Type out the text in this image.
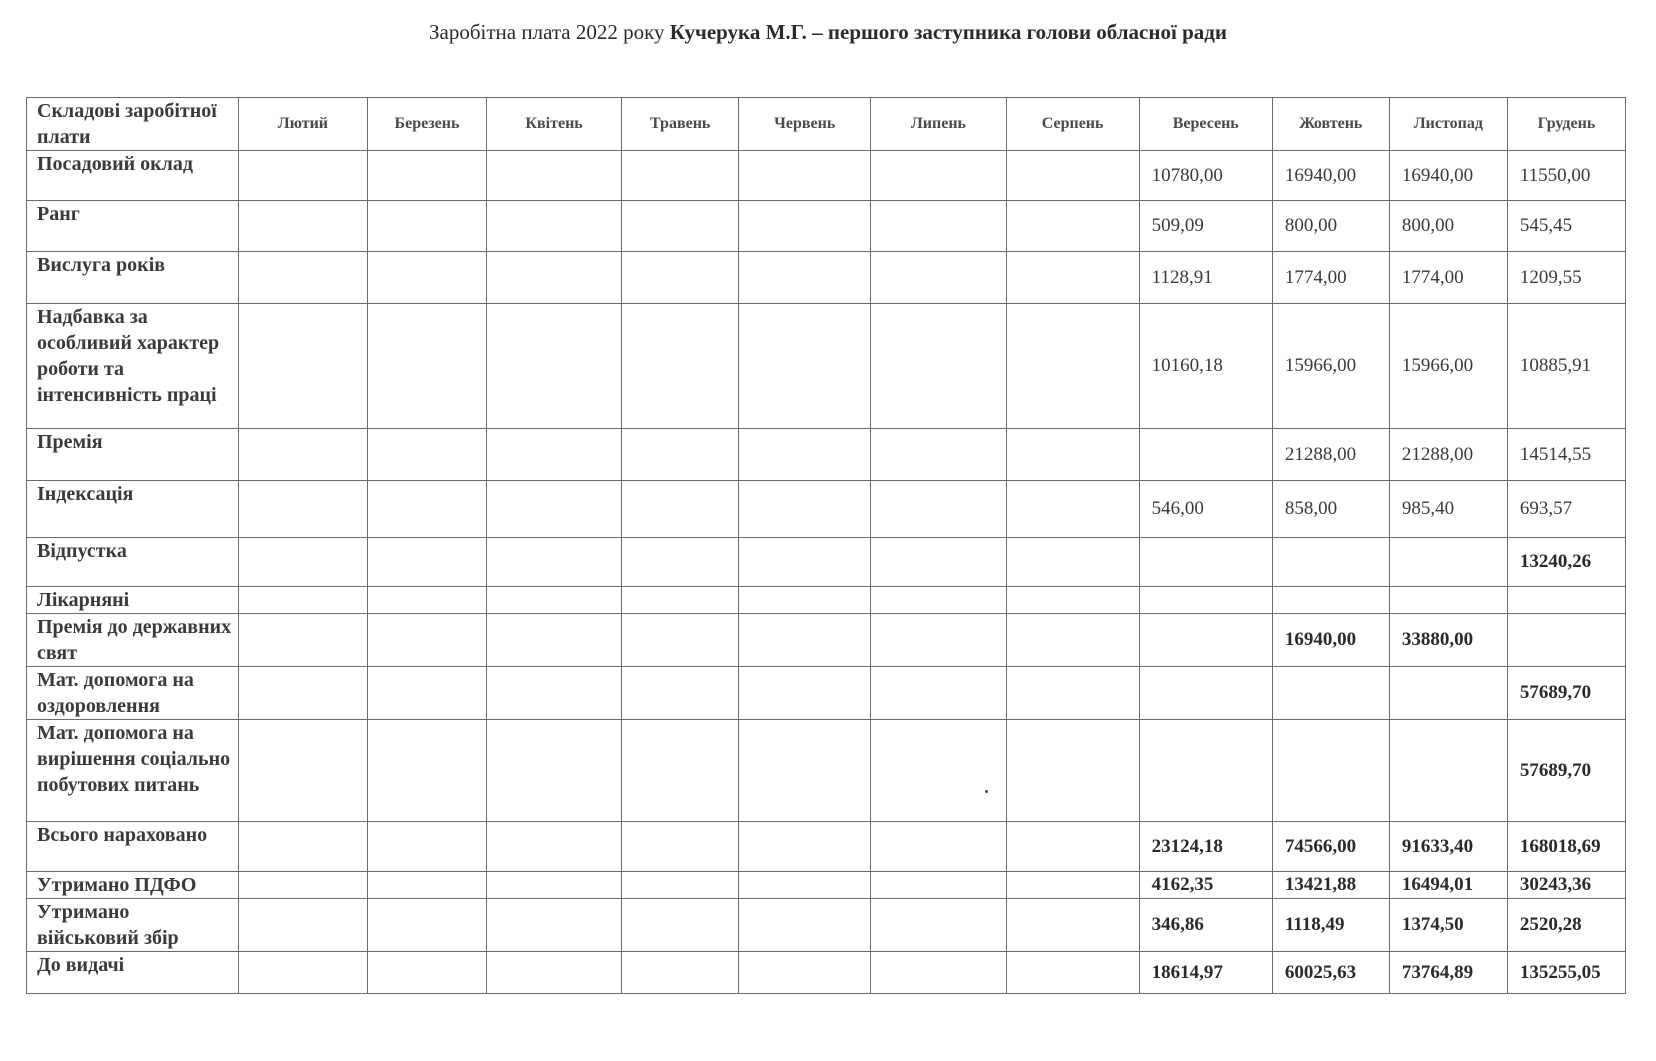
Заробітна плата 2022 року Кучерука М.Г. – першого заступника голови обласної ради
Складові заробітної плати	Лютий	Березень	Квітень	Травень	Червень	Липень	Серпень	Вересень	Жовтень	Листопад	Грудень
Посадовий оклад								10780,00	16940,00	16940,00	11550,00
Ранг								509,09	800,00	800,00	545,45
Вислуга років								1128,91	1774,00	1774,00	1209,55
Надбавка за особливий характер роботи та інтенсивність праці								10160,18	15966,00	15966,00	10885,91
Премія									21288,00	21288,00	14514,55
Індексація								546,00	858,00	985,40	693,57
Відпустка											13240,26
Лікарняні											
Премія до державних свят									16940,00	33880,00	
Мат. допомога на оздоровлення											57689,70
Мат. допомога на вирішення соціально побутових питань											57689,70
Всього нараховано								23124,18	74566,00	91633,40	168018,69
Утримано ПДФО								4162,35	13421,88	16494,01	30243,36
Утримано військовий збір								346,86	1118,49	1374,50	2520,28
До видачі								18614,97	60025,63	73764,89	135255,05
